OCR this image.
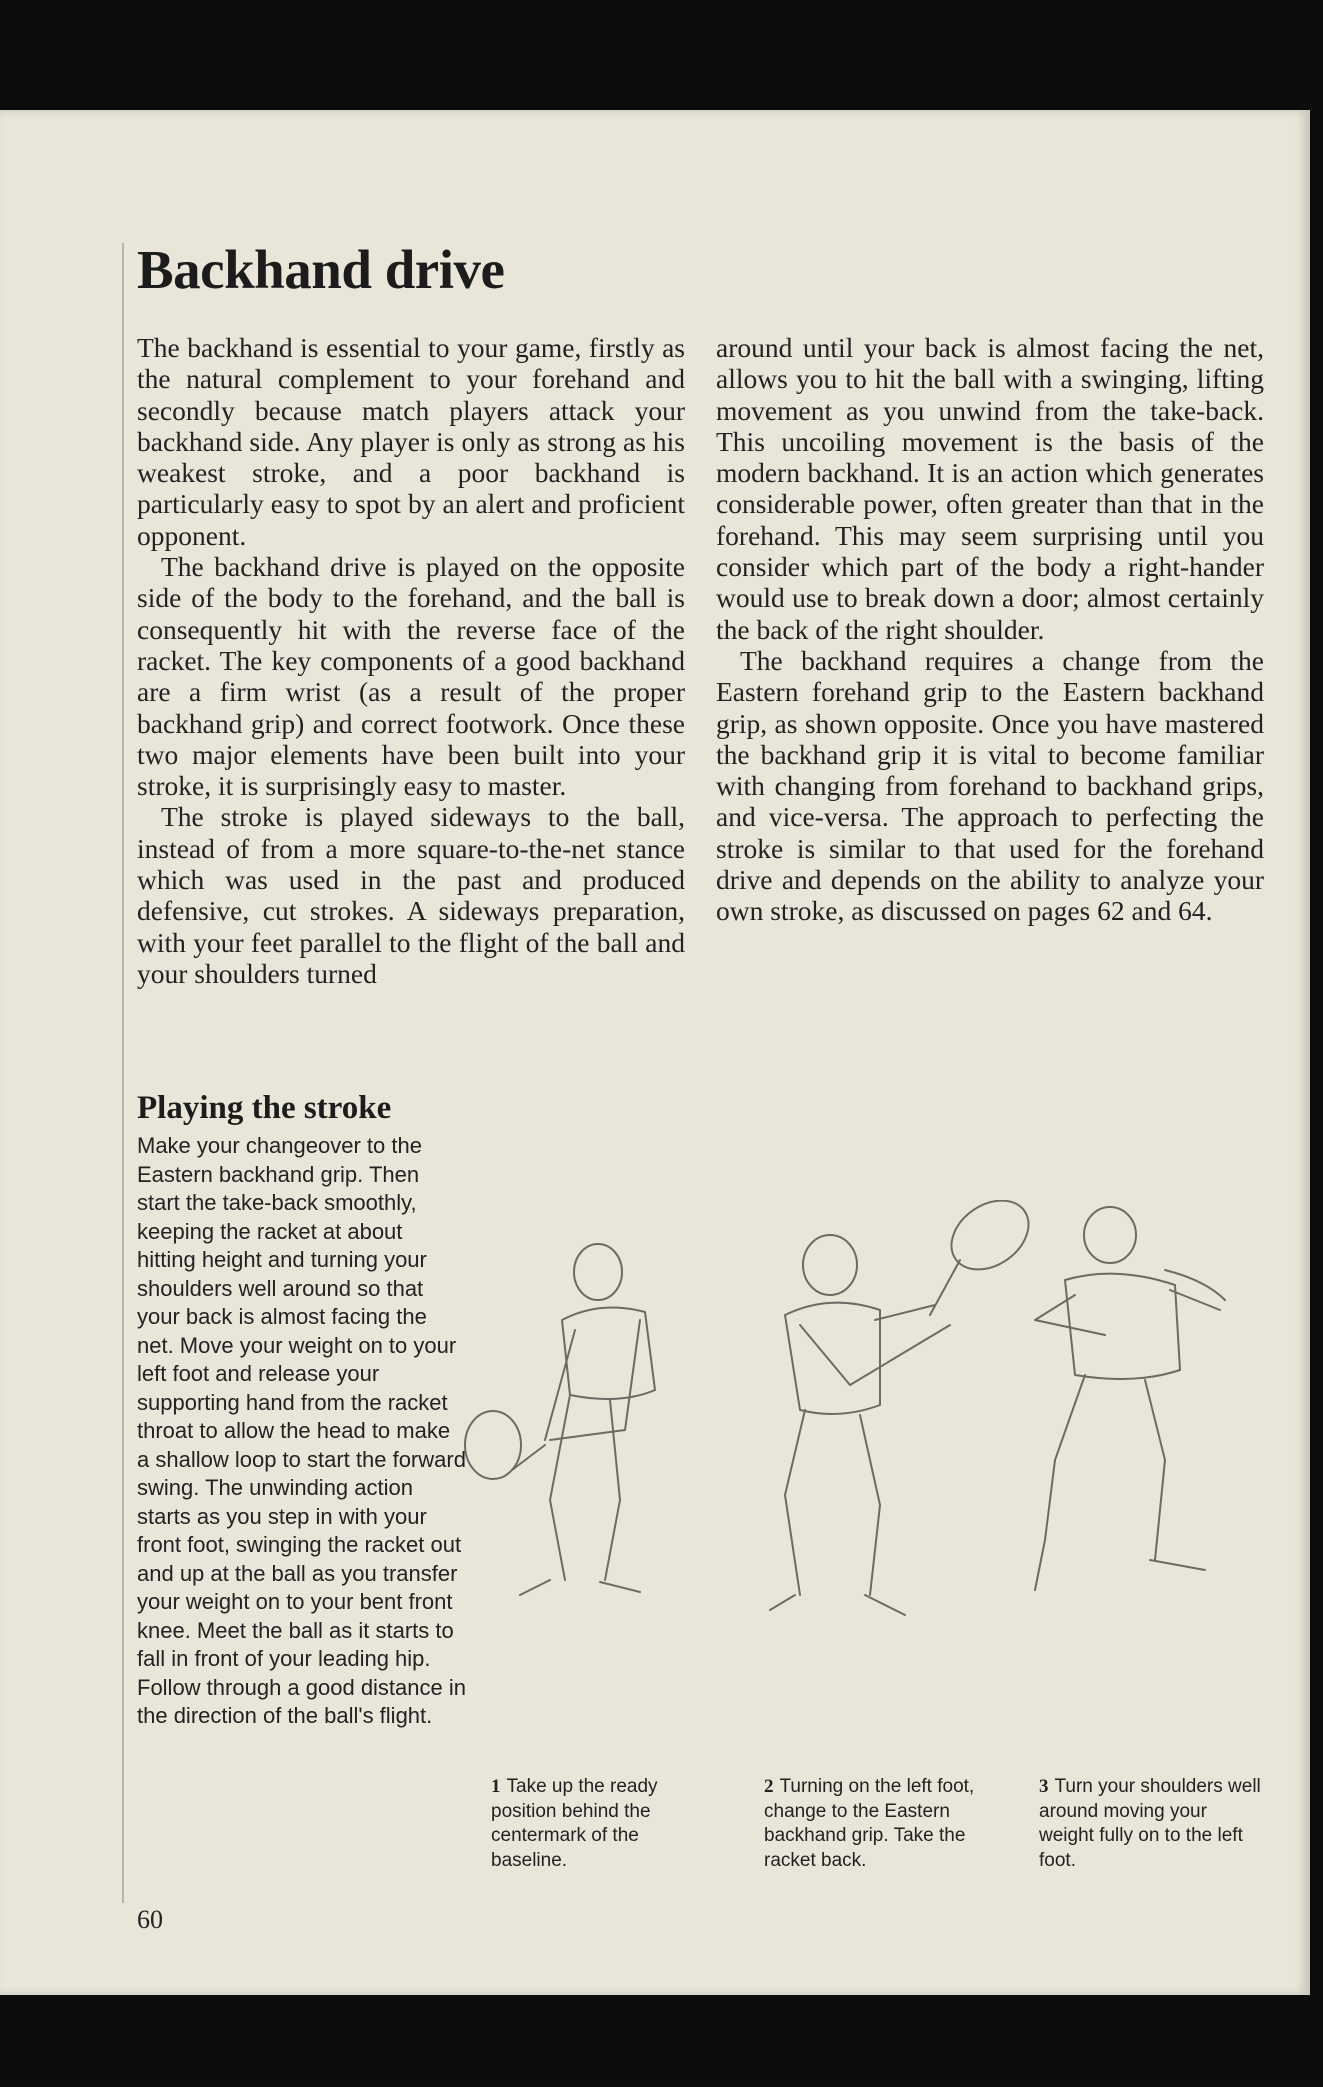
Backhand drive

The backhand is essential to your game, firstly as the natural complement to your forehand and secondly because match players attack your backhand side. Any player is only as strong as his weakest stroke, and a poor backhand is particularly easy to spot by an alert and proficient opponent.

The backhand drive is played on the opposite side of the body to the forehand, and the ball is consequently hit with the reverse face of the racket. The key components of a good backhand are a firm wrist (as a result of the proper backhand grip) and correct footwork. Once these two major elements have been built into your stroke, it is surprisingly easy to master.

The stroke is played sideways to the ball, instead of from a more square-to-the-net stance which was used in the past and produced defensive, cut strokes. A sideways preparation, with your feet parallel to the flight of the ball and your shoulders turned

around until your back is almost facing the net, allows you to hit the ball with a swinging, lifting movement as you unwind from the take-back. This uncoiling movement is the basis of the modern backhand. It is an action which generates considerable power, often greater than that in the forehand. This may seem surprising until you consider which part of the body a right-hander would use to break down a door; almost certainly the back of the right shoulder.

The backhand requires a change from the Eastern forehand grip to the Eastern backhand grip, as shown opposite. Once you have mastered the backhand grip it is vital to become familiar with changing from forehand to backhand grips, and vice-versa. The approach to perfecting the stroke is similar to that used for the forehand drive and depends on the ability to analyze your own stroke, as discussed on pages 62 and 64.

Playing the stroke

Make your changeover to the Eastern backhand grip. Then start the take-back smoothly, keeping the racket at about hitting height and turning your shoulders well around so that your back is almost facing the net. Move your weight on to your left foot and release your supporting hand from the racket throat to allow the head to make a shallow loop to start the forward swing. The unwinding action starts as you step in with your front foot, swinging the racket out and up at the ball as you transfer your weight on to your bent front knee. Meet the ball as it starts to fall in front of your leading hip. Follow through a good distance in the direction of the ball's flight.

1 Take up the ready position behind the centermark of the baseline.
2 Turning on the left foot, change to the Eastern backhand grip. Take the racket back.
3 Turn your shoulders well around moving your weight fully on to the left foot.
60
